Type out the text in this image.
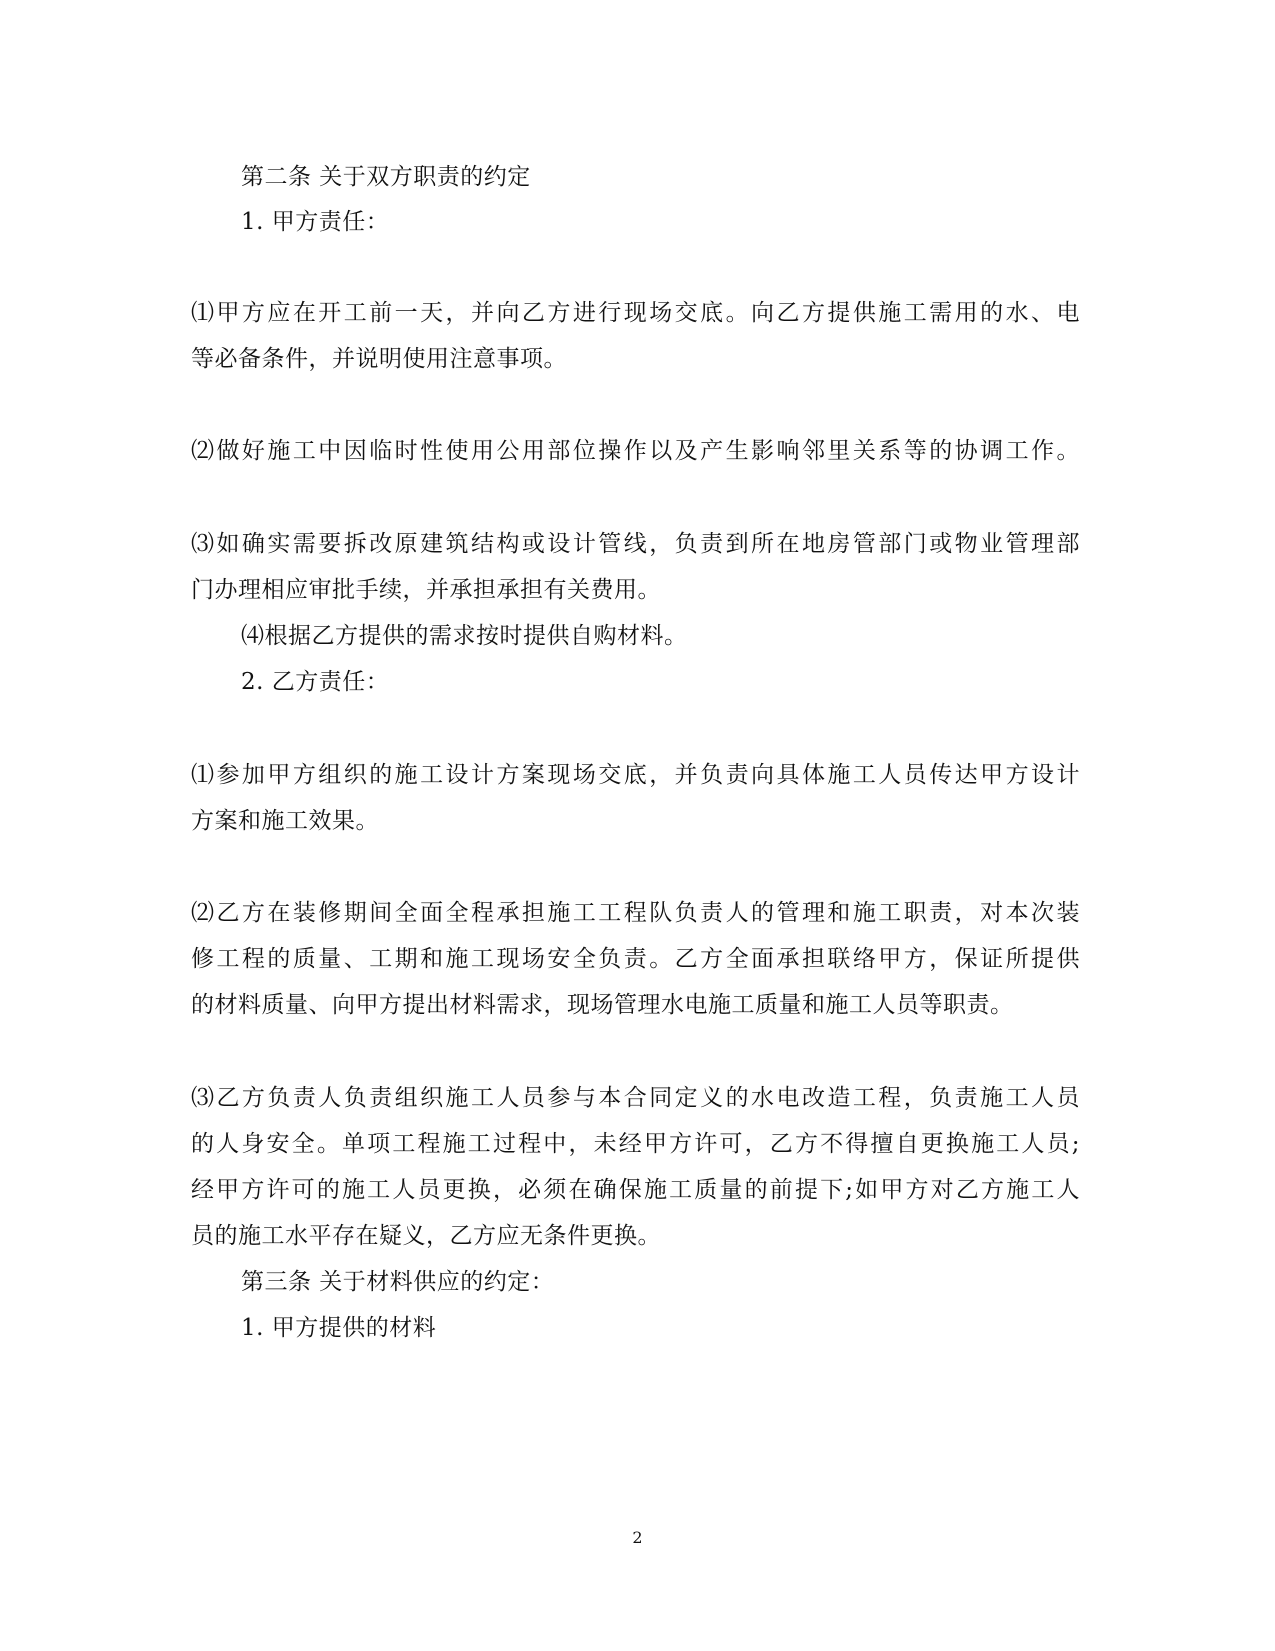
第二条 关于双方职责的约定
1. 甲方责任：
⑴甲方应在开工前一天，并向乙方进行现场交底。向乙方提供施工需用的水、电
等必备条件，并说明使用注意事项。
⑵做好施工中因临时性使用公用部位操作以及产生影响邻里关系等的协调工作。
⑶如确实需要拆改原建筑结构或设计管线，负责到所在地房管部门或物业管理部
门办理相应审批手续，并承担承担有关费用。
⑷根据乙方提供的需求按时提供自购材料。
2. 乙方责任：
⑴参加甲方组织的施工设计方案现场交底，并负责向具体施工人员传达甲方设计
方案和施工效果。
⑵乙方在装修期间全面全程承担施工工程队负责人的管理和施工职责，对本次装
修工程的质量、工期和施工现场安全负责。乙方全面承担联络甲方，保证所提供
的材料质量、向甲方提出材料需求，现场管理水电施工质量和施工人员等职责。
⑶乙方负责人负责组织施工人员参与本合同定义的水电改造工程，负责施工人员
的人身安全。单项工程施工过程中，未经甲方许可，乙方不得擅自更换施工人员;
经甲方许可的施工人员更换，必须在确保施工质量的前提下;如甲方对乙方施工人
员的施工水平存在疑义，乙方应无条件更换。
第三条 关于材料供应的约定：
1. 甲方提供的材料
2
